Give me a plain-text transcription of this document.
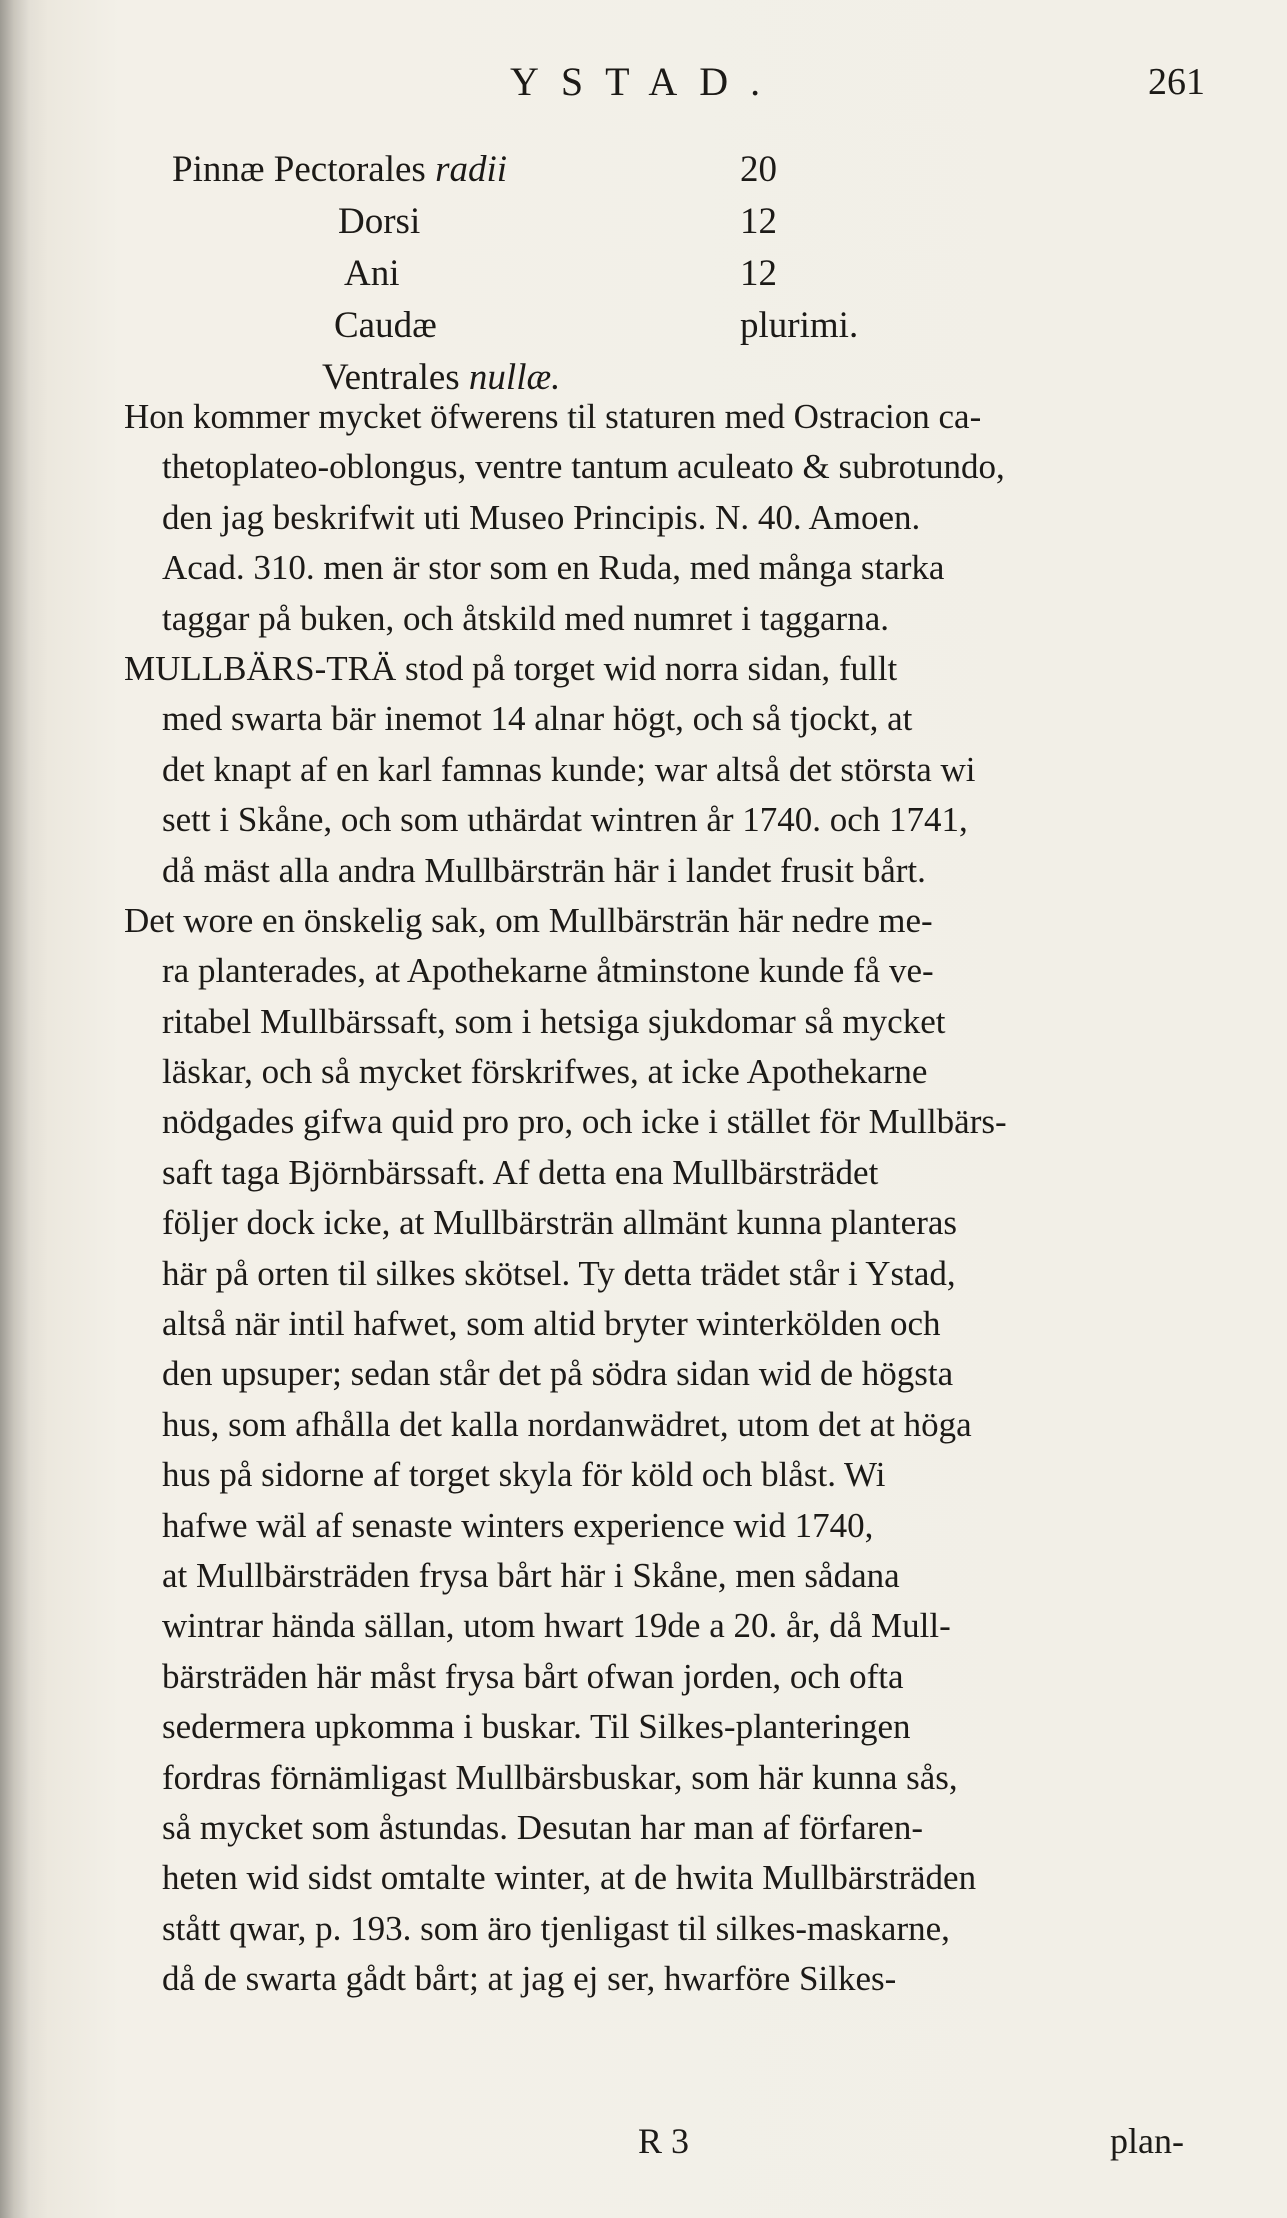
YSTAD.	261
Pinnæ Pectorales radii	20
Dorsi	12
Ani	12
Caudæ	plurimi.
Ventrales nullæ.
Hon kommer mycket öfwerens til staturen med Ostracion ca-
thetoplateo-oblongus, ventre tantum aculeato & subrotundo,
den jag beskrifwit uti Museo Principis. N. 40. Amoen.
Acad. 310. men är stor som en Ruda, med många starka
taggar på buken, och åtskild med numret i taggarna.
MULLBÄRS-TRÄ stod på torget wid norra sidan, fullt
med swarta bär inemot 14 alnar högt, och så tjockt, at
det knapt af en karl famnas kunde; war altså det största wi
sett i Skåne, och som uthärdat wintren år 1740. och 1741,
då mäst alla andra Mullbärsträn här i landet frusit bårt.
Det wore en önskelig sak, om Mullbärsträn här nedre me-
ra planterades, at Apothekarne åtminstone kunde få ve-
ritabel Mullbärssaft, som i hetsiga sjukdomar så mycket
läskar, och så mycket förskrifwes, at icke Apothekarne
nödgades gifwa quid pro pro, och icke i stället för Mullbärs-
saft taga Björnbärssaft. Af detta ena Mullbärsträdet
följer dock icke, at Mullbärsträn allmänt kunna planteras
här på orten til silkes skötsel. Ty detta trädet står i Ystad,
altså när intil hafwet, som altid bryter winterkölden och
den upsuper; sedan står det på södra sidan wid de högsta
hus, som afhålla det kalla nordanwädret, utom det at höga
hus på sidorne af torget skyla för köld och blåst. Wi
hafwe wäl af senaste winters experience wid 1740,
at Mullbärsträden frysa bårt här i Skåne, men sådana
wintrar hända sällan, utom hwart 19de a 20. år, då Mull-
bärsträden här måst frysa bårt ofwan jorden, och ofta
sedermera upkomma i buskar. Til Silkes-planteringen
fordras förnämligast Mullbärsbuskar, som här kunna sås,
så mycket som åstundas. Desutan har man af förfaren-
heten wid sidst omtalte winter, at de hwita Mullbärsträden
stått qwar, p. 193. som äro tjenligast til silkes-maskarne,
då de swarta gådt bårt; at jag ej ser, hwarföre Silkes-
R 3	plan-
